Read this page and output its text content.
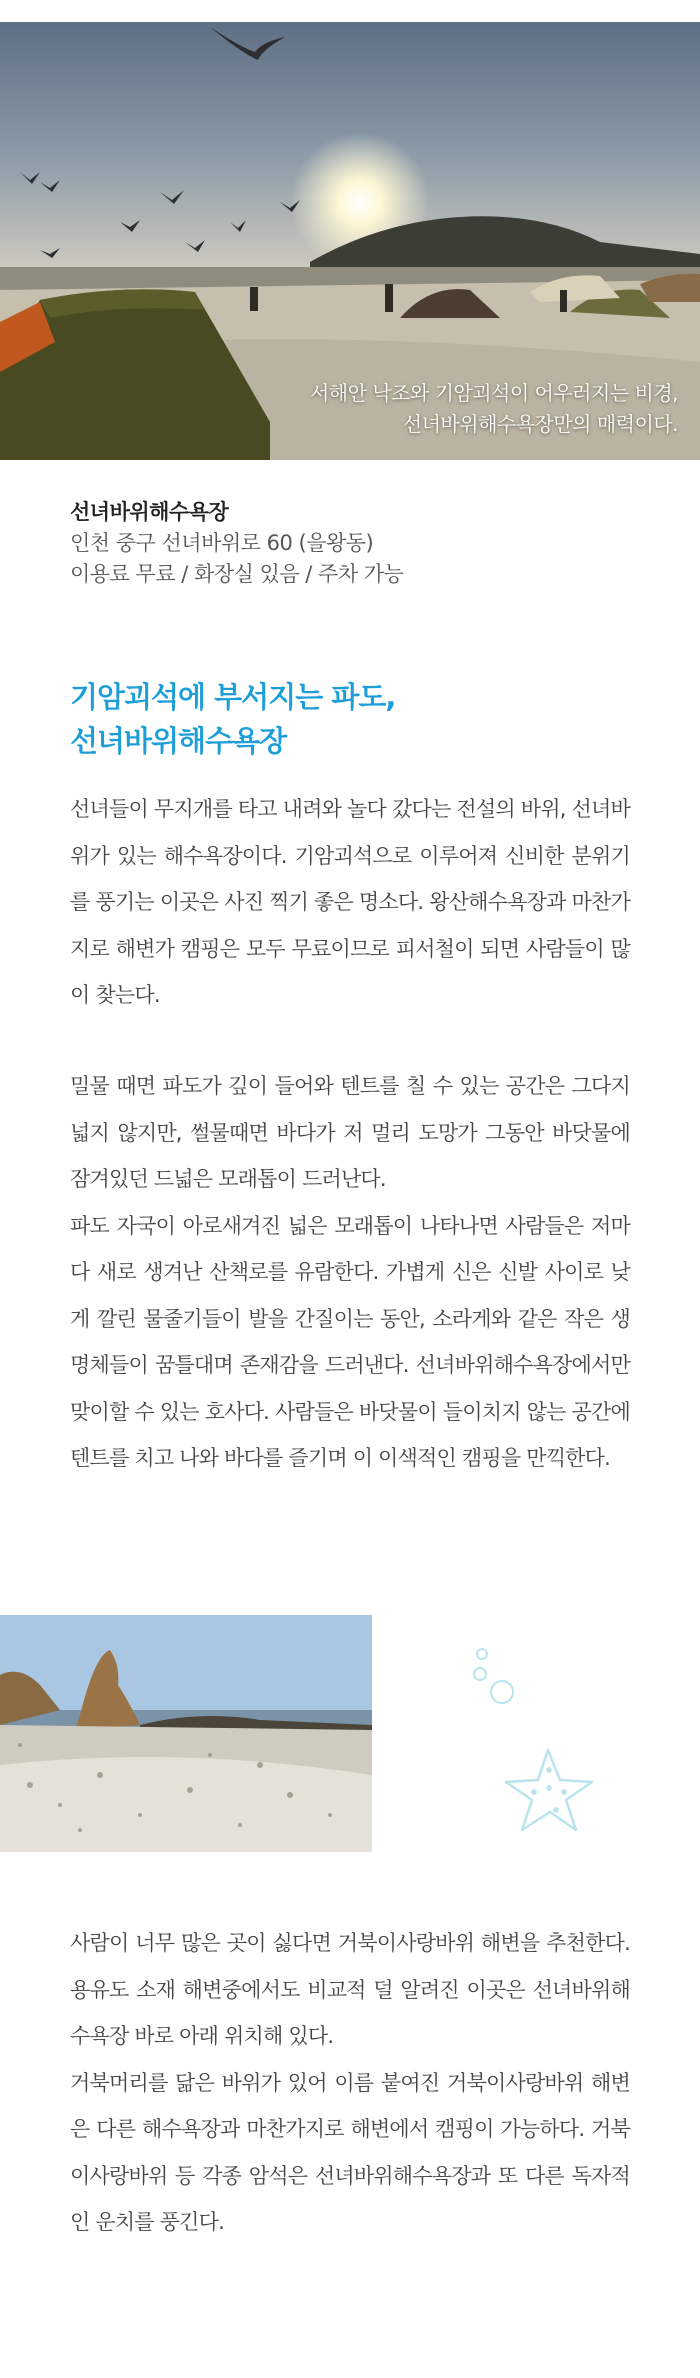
서해안 낙조와 기암괴석이 어우러지는 비경,
선녀바위해수욕장만의 매력이다.
선녀바위해수욕장
인천 중구 선녀바위로 60 (을왕동)
이용료 무료 / 화장실 있음 / 주차 가능
기암괴석에 부서지는 파도,
선녀바위해수욕장
선녀들이 무지개를 타고 내려와 놀다 갔다는 전설의 바위, 선녀바위가 있는 해수욕장이다. 기암괴석으로 이루어져 신비한 분위기를 풍기는 이곳은 사진 찍기 좋은 명소다. 왕산해수욕장과 마찬가지로 해변가 캠핑은 모두 무료이므로 피서철이 되면 사람들이 많이 찾는다.
밀물 때면 파도가 깊이 들어와 텐트를 칠 수 있는 공간은 그다지 넓지 않지만, 썰물때면 바다가 저 멀리 도망가 그동안 바닷물에 잠겨있던 드넓은 모래톱이 드러난다.
파도 자국이 아로새겨진 넓은 모래톱이 나타나면 사람들은 저마다 새로 생겨난 산책로를 유람한다. 가볍게 신은 신발 사이로 낮게 깔린 물줄기들이 발을 간질이는 동안, 소라게와 같은 작은 생명체들이 꿈틀대며 존재감을 드러낸다. 선녀바위해수욕장에서만 맞이할 수 있는 호사다. 사람들은 바닷물이 들이치지 않는 공간에 텐트를 치고 나와 바다를 즐기며 이 이색적인 캠핑을 만끽한다.
사람이 너무 많은 곳이 싫다면 거북이사랑바위 해변을 추천한다. 용유도 소재 해변중에서도 비교적 덜 알려진 이곳은 선녀바위해수욕장 바로 아래 위치해 있다.
거북머리를 닮은 바위가 있어 이름 붙여진 거북이사랑바위 해변은 다른 해수욕장과 마찬가지로 해변에서 캠핑이 가능하다. 거북이사랑바위 등 각종 암석은 선녀바위해수욕장과 또 다른 독자적인 운치를 풍긴다.
